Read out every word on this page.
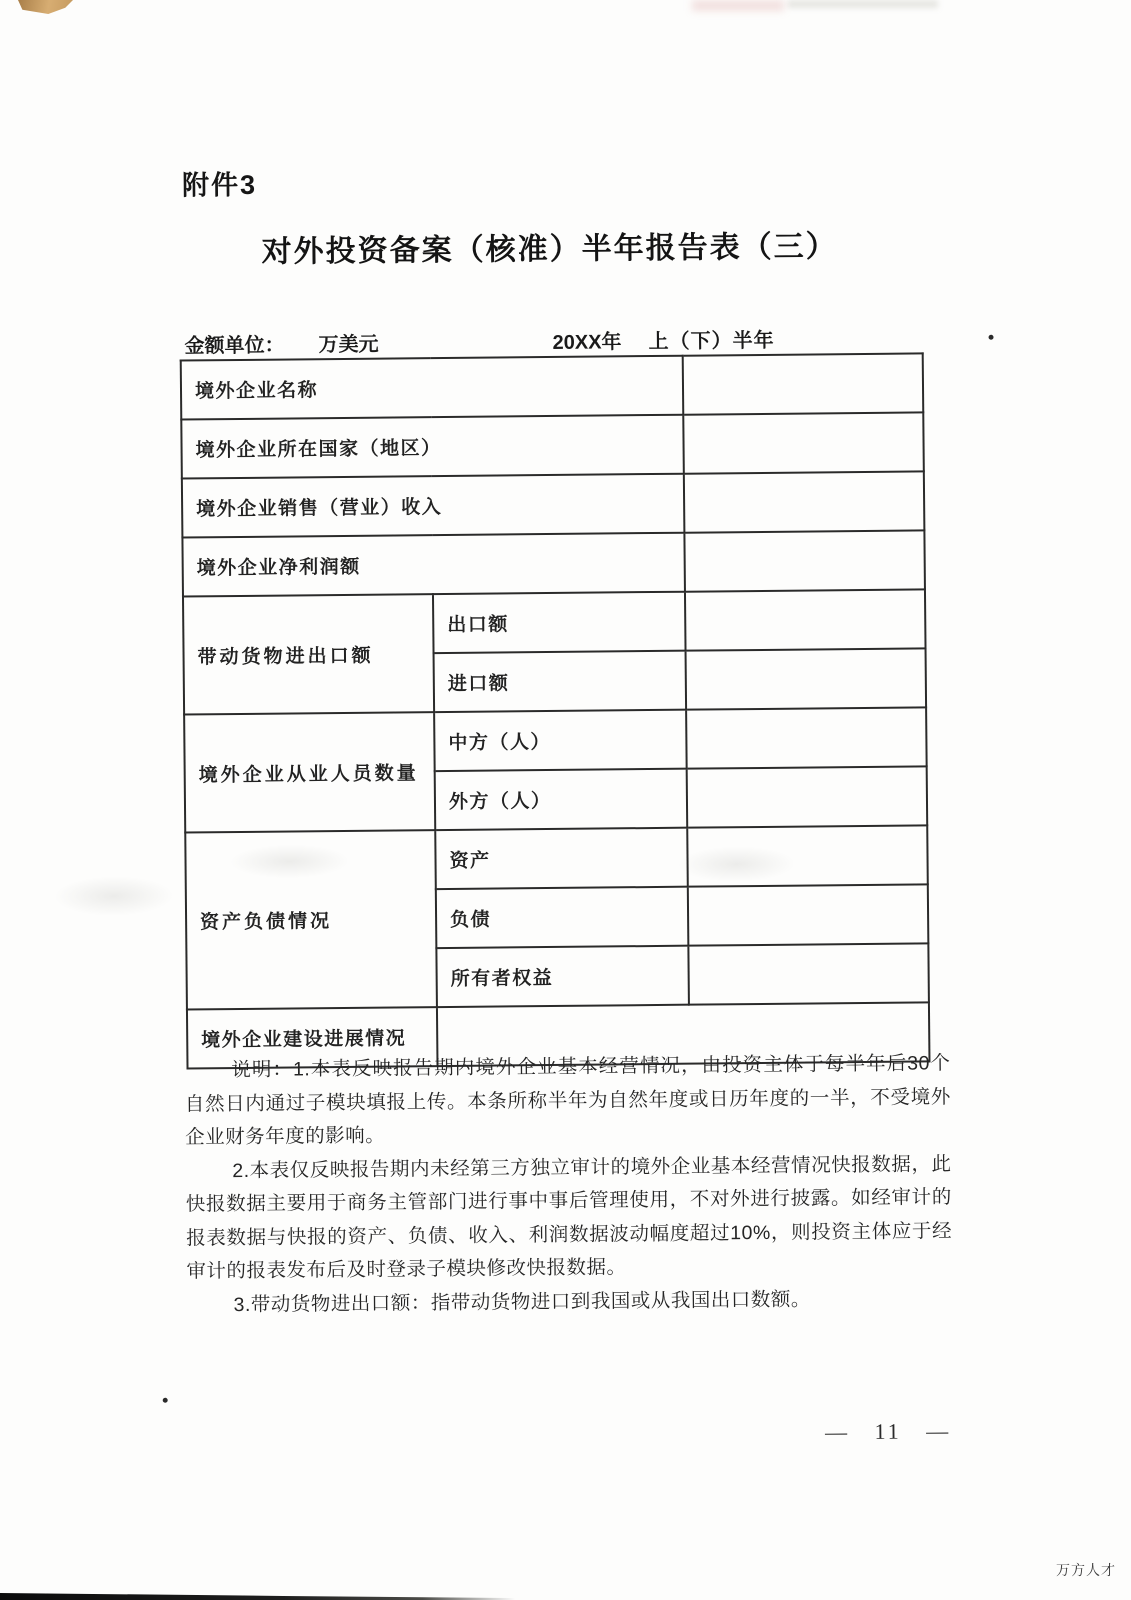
附件3
对外投资备案（核准）半年报告表（三）
金额单位： 万美元	20XX年 上（下）半年
境外企业名称		
境外企业所在国家（地区）		
境外企业销售（营业）收入		
境外企业净利润额		
带动货物进出口额	出口额	
	进口额	
境外企业从业人员数量	中方（人）	
	外方（人）	
资产负债情况	资产	
	负债	
	所有者权益	
境外企业建设进展情况		

说明：1.本表反映报告期内境外企业基本经营情况，由投资主体于每半年后30个自然日内通过子模块填报上传。本条所称半年为自然年度或日历年度的一半，不受境外企业财务年度的影响。

2.本表仅反映报告期内未经第三方独立审计的境外企业基本经营情况快报数据，此快报数据主要用于商务主管部门进行事中事后管理使用，不对外进行披露。如经审计的报表数据与快报的资产、负债、收入、利润数据波动幅度超过10%，则投资主体应于经审计的报表发布后及时登录子模块修改快报数据。

3.带动货物进出口额：指带动货物进口到我国或从我国出口数额。

— 11 —
万方人才
